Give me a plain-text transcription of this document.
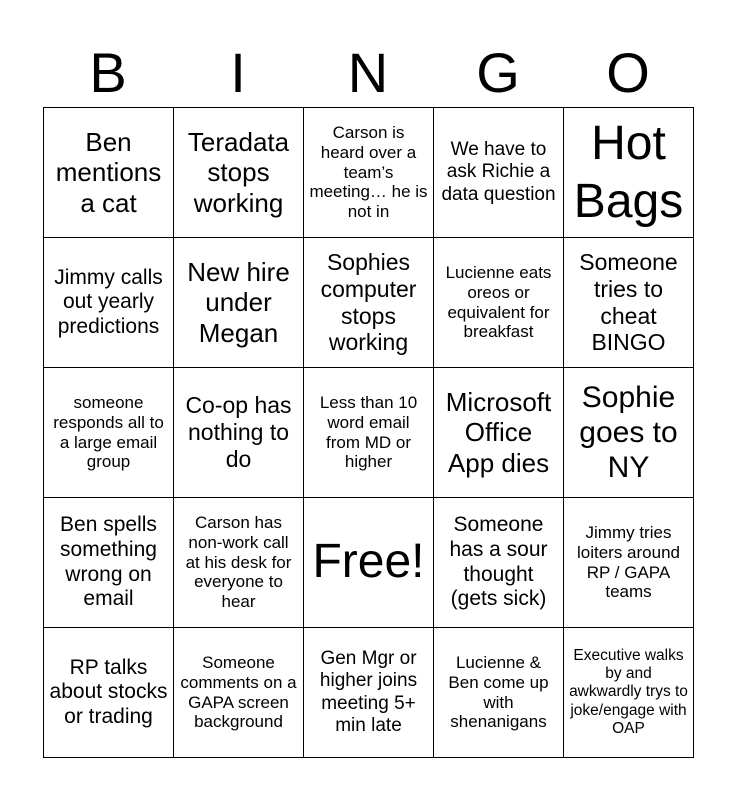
B	I	N	G	O
Ben mentions a cat	Teradata stops working	Carson is heard over a team’s meeting… he is not in	We have to ask Richie a data question	Hot Bags
Jimmy calls out yearly predictions	New hire under Megan	Sophies computer stops working	Lucienne eats oreos or equivalent for breakfast	Someone tries to cheat BINGO
someone responds all to a large email group	Co-op has nothing to do	Less than 10 word email from MD or higher	Microsoft Office App dies	Sophie goes to NY
Ben spells something wrong on email	Carson has non-work call at his desk for everyone to hear	Free!	Someone has a sour thought (gets sick)	Jimmy tries loiters around RP / GAPA teams
RP talks about stocks or trading	Someone comments on a GAPA screen background	Gen Mgr or higher joins meeting 5+ min late	Lucienne & Ben come up with shenanigans	Executive walks by and awkwardly trys to joke/engage with OAP
